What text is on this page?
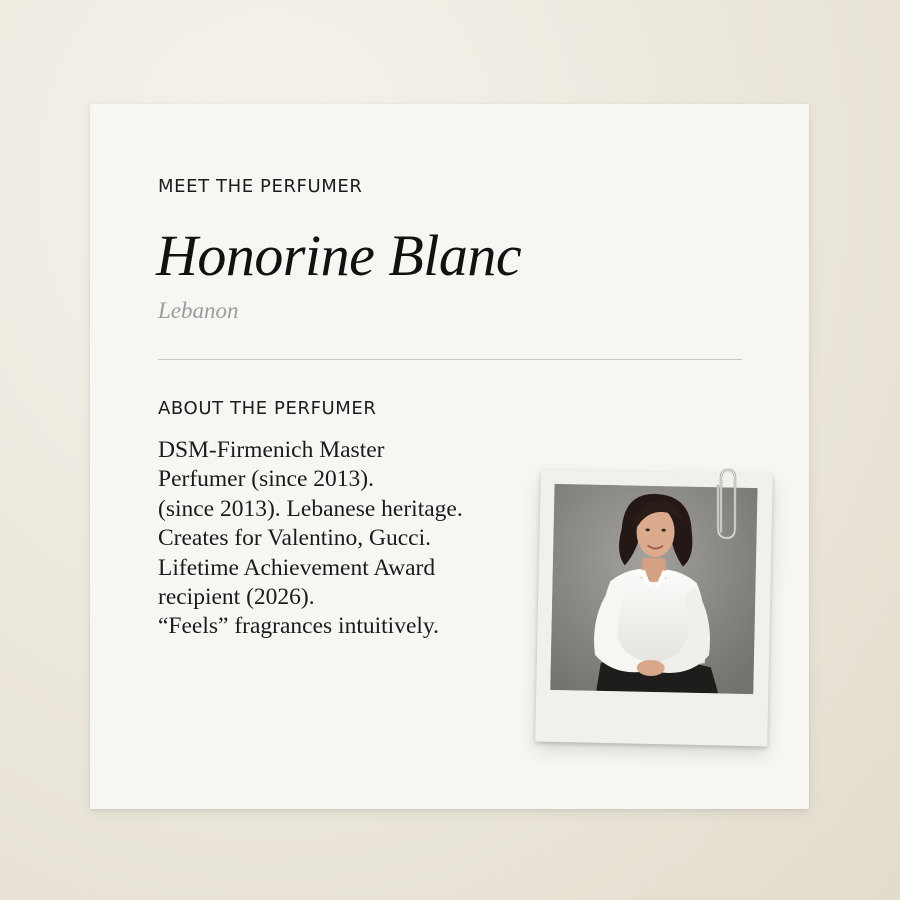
MEET THE PERFUMER
Honorine Blanc
Lebanon
ABOUT THE PERFUMER
DSM-Firmenich Master
Perfumer (since 2013).
(since 2013). Lebanese heritage.
Creates for Valentino, Gucci.
Lifetime Achievement Award
recipient (2026).
“Feels” fragrances intuitively.
